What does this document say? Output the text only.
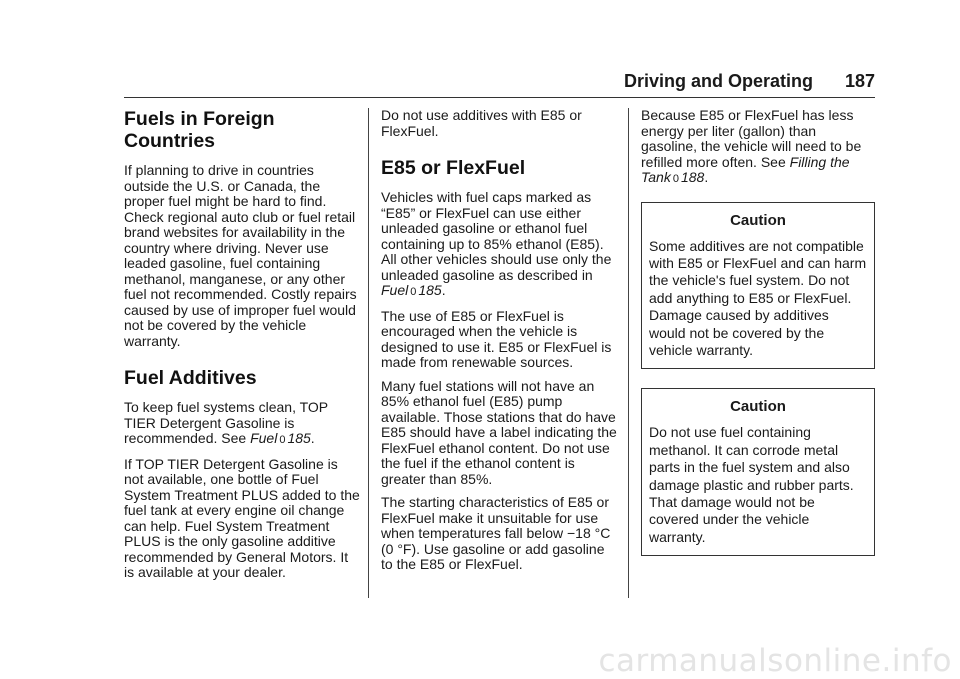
Driving and Operating 187
Fuels in Foreign
Countries

If planning to drive in countries outside the U.S. or Canada, the proper fuel might be hard to find. Check regional auto club or fuel retail brand websites for availability in the country where driving. Never use leaded gasoline, fuel containing methanol, manganese, or any other fuel not recommended. Costly repairs caused by use of improper fuel would not be covered by the vehicle warranty.

Fuel Additives

To keep fuel systems clean, TOP TIER Detergent Gasoline is recommended. See Fuel 0 185.

If TOP TIER Detergent Gasoline is not available, one bottle of Fuel System Treatment PLUS added to the fuel tank at every engine oil change can help. Fuel System Treatment PLUS is the only gasoline additive recommended by General Motors. It is available at your dealer.

Do not use additives with E85 or FlexFuel.

E85 or FlexFuel

Vehicles with fuel caps marked as “E85” or FlexFuel can use either unleaded gasoline or ethanol fuel containing up to 85% ethanol (E85). All other vehicles should use only the unleaded gasoline as described in Fuel 0 185.

The use of E85 or FlexFuel is encouraged when the vehicle is designed to use it. E85 or FlexFuel is made from renewable sources.

Many fuel stations will not have an 85% ethanol fuel (E85) pump available. Those stations that do have E85 should have a label indicating the FlexFuel ethanol content. Do not use the fuel if the ethanol content is greater than 85%.

The starting characteristics of E85 or FlexFuel make it unsuitable for use when temperatures fall below −18 °C (0 °F). Use gasoline or add gasoline to the E85 or FlexFuel.

Because E85 or FlexFuel has less energy per liter (gallon) than gasoline, the vehicle will need to be refilled more often. See Filling the Tank 0 188.

Caution
Some additives are not compatible with E85 or FlexFuel and can harm the vehicle's fuel system. Do not add anything to E85 or FlexFuel. Damage caused by additives would not be covered by the vehicle warranty.
Caution
Do not use fuel containing methanol. It can corrode metal parts in the fuel system and also damage plastic and rubber parts. That damage would not be covered under the vehicle warranty.
carmanualsonline.info
